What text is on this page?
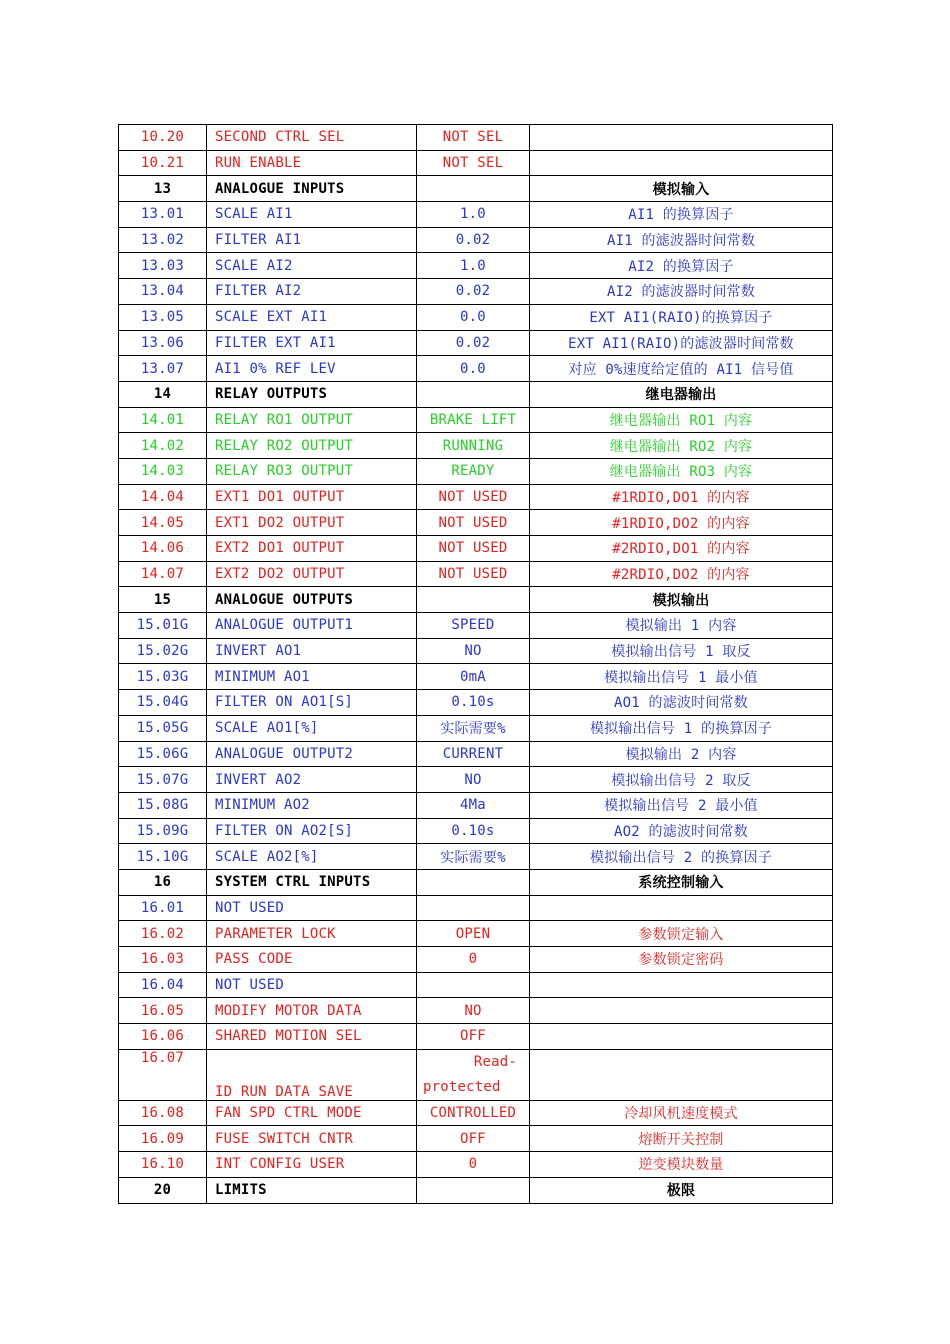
10.20	SECOND CTRL SEL	NOT SEL	
10.21	RUN ENABLE	NOT SEL	
13	ANALOGUE INPUTS		模拟输入
13.01	SCALE AI1	1.0	AI1 的换算因子
13.02	FILTER AI1	0.02	AI1 的滤波器时间常数
13.03	SCALE AI2	1.0	AI2 的换算因子
13.04	FILTER AI2	0.02	AI2 的滤波器时间常数
13.05	SCALE EXT AI1	0.0	EXT AI1(RAIO)的换算因子
13.06	FILTER EXT AI1	0.02	EXT AI1(RAIO)的滤波器时间常数
13.07	AI1 0% REF LEV	0.0	对应 0%速度给定值的 AI1 信号值
14	RELAY OUTPUTS		继电器输出
14.01	RELAY RO1 OUTPUT	BRAKE LIFT	继电器输出 RO1 内容
14.02	RELAY RO2 OUTPUT	RUNNING	继电器输出 RO2 内容
14.03	RELAY RO3 OUTPUT	READY	继电器输出 RO3 内容
14.04	EXT1 DO1 OUTPUT	NOT USED	#1RDIO,DO1 的内容
14.05	EXT1 DO2 OUTPUT	NOT USED	#1RDIO,DO2 的内容
14.06	EXT2 DO1 OUTPUT	NOT USED	#2RDIO,DO1 的内容
14.07	EXT2 DO2 OUTPUT	NOT USED	#2RDIO,DO2 的内容
15	ANALOGUE OUTPUTS		模拟输出
15.01G	ANALOGUE OUTPUT1	SPEED	模拟输出 1 内容
15.02G	INVERT AO1	NO	模拟输出信号 1 取反
15.03G	MINIMUM AO1	0mA	模拟输出信号 1 最小值
15.04G	FILTER ON AO1[S]	0.10s	AO1 的滤波时间常数
15.05G	SCALE AO1[%]	实际需要%	模拟输出信号 1 的换算因子
15.06G	ANALOGUE OUTPUT2	CURRENT	模拟输出 2 内容
15.07G	INVERT AO2	NO	模拟输出信号 2 取反
15.08G	MINIMUM AO2	4Ma	模拟输出信号 2 最小值
15.09G	FILTER ON AO2[S]	0.10s	AO2 的滤波时间常数
15.10G	SCALE AO2[%]	实际需要%	模拟输出信号 2 的换算因子
16	SYSTEM CTRL INPUTS		系统控制输入
16.01	NOT USED		
16.02	PARAMETER LOCK	OPEN	参数锁定输入
16.03	PASS CODE	0	参数锁定密码
16.04	NOT USED		
16.05	MODIFY MOTOR DATA	NO	
16.06	SHARED MOTION SEL	OFF	
16.07	ID RUN DATA SAVE	Read-
protected	

16.08	FAN SPD CTRL MODE	CONTROLLED	冷却风机速度模式
16.09	FUSE SWITCH CNTR	OFF	熔断开关控制
16.10	INT CONFIG USER	0	逆变模块数量
20	LIMITS		极限
